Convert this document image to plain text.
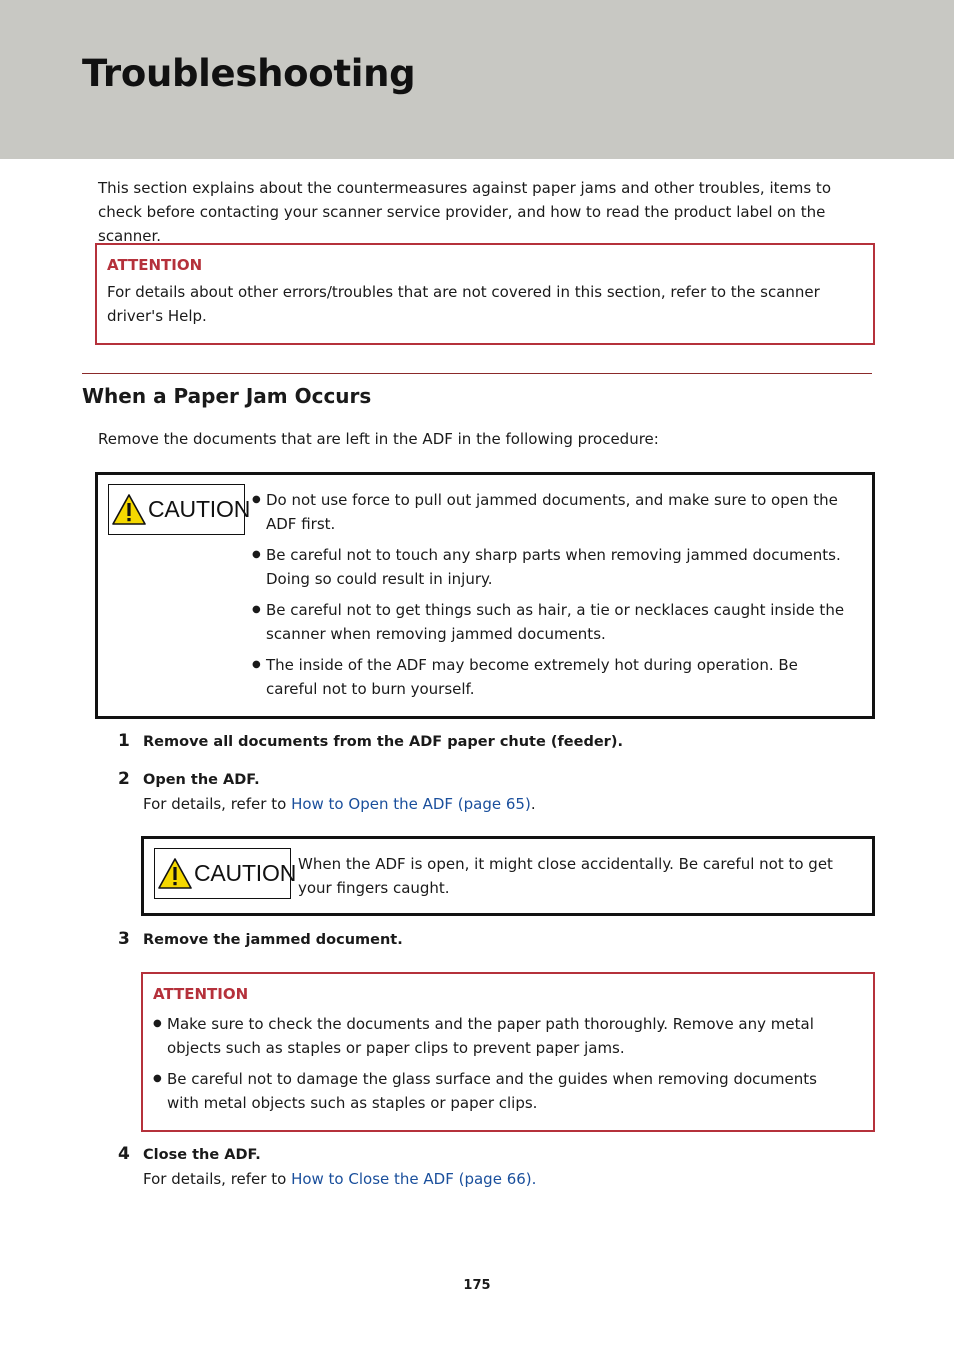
Troubleshooting

This section explains about the countermeasures against paper jams and other troubles, items to check before contacting your scanner service provider, and how to read the product label on the scanner.

ATTENTION
For details about other errors/troubles that are not covered in this section, refer to the scanner driver's Help.
When a Paper Jam Occurs

Remove the documents that are left in the ADF in the following procedure:

CAUTION
●	Do not use force to pull out jammed documents, and make sure to open the ADF first.
● Be careful not to touch any sharp parts when removing jammed documents. Doing so could result in injury.
● Be careful not to get things such as hair, a tie or necklaces caught inside the scanner when removing jammed documents.
● The inside of the ADF may become extremely hot during operation. Be careful not to burn yourself.
1 Remove all documents from the ADF paper chute (feeder).
2 Open the ADF.
For details, refer to How to Open the ADF (page 65).
CAUTION When the ADF is open, it might close accidentally. Be careful not to get your fingers caught.
3 Remove the jammed document.
ATTENTION
● Make sure to check the documents and the paper path thoroughly. Remove any metal objects such as staples or paper clips to prevent paper jams.
● Be careful not to damage the glass surface and the guides when removing documents with metal objects such as staples or paper clips.
4 Close the ADF.
For details, refer to How to Close the ADF (page 66).
175
